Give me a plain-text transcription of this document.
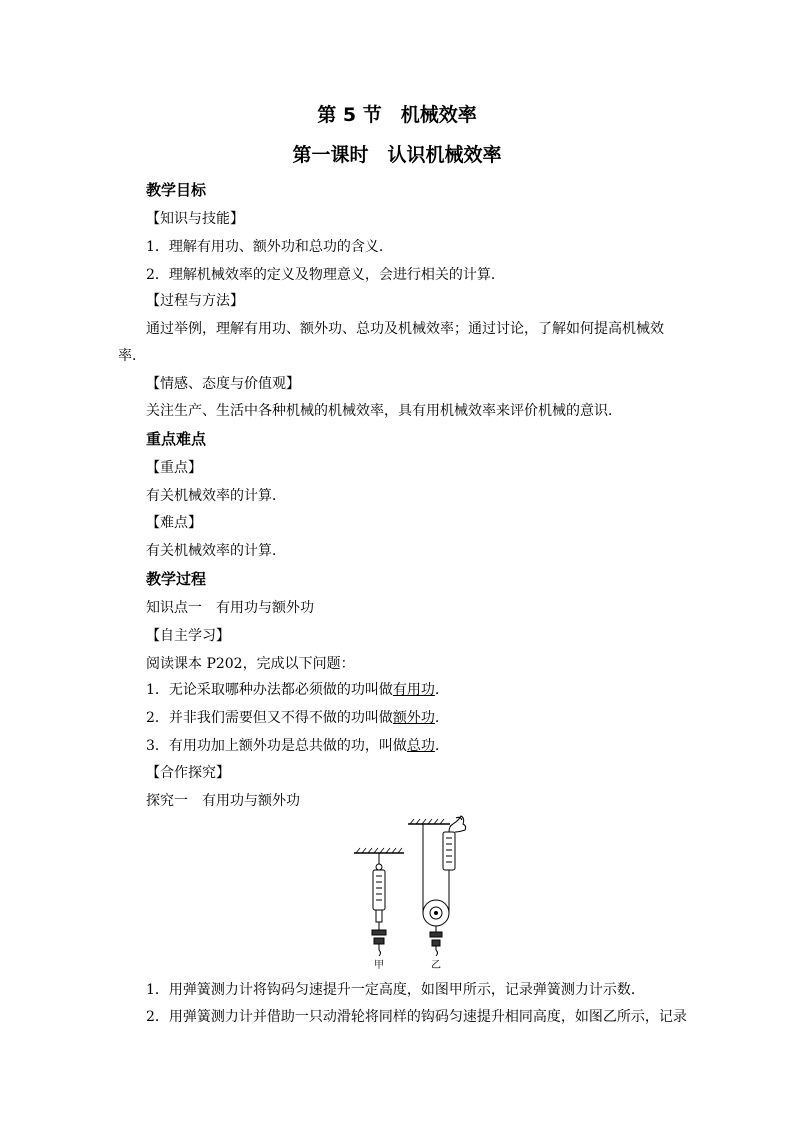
第 5 节　机械效率
第一课时　认识机械效率
教学目标
【知识与技能】
1．理解有用功、额外功和总功的含义．
2．理解机械效率的定义及物理意义，会进行相关的计算．
【过程与方法】
通过举例，理解有用功、额外功、总功及机械效率；通过讨论，了解如何提高机械效
率．
【情感、态度与价值观】
关注生产、生活中各种机械的机械效率，具有用机械效率来评价机械的意识．
重点难点
【重点】
有关机械效率的计算．
【难点】
有关机械效率的计算．
教学过程
知识点一　有用功与额外功
【自主学习】
阅读课本 P202，完成以下问题：
1．无论采取哪种办法都必须做的功叫做有用功.
2．并非我们需要但又不得不做的功叫做额外功.
3．有用功加上额外功是总共做的功，叫做总功.
【合作探究】
探究一　有用功与额外功
甲	乙
1．用弹簧测力计将钩码匀速提升一定高度，如图甲所示，记录弹簧测力计示数．
2．用弹簧测力计并借助一只动滑轮将同样的钩码匀速提升相同高度，如图乙所示，记录
